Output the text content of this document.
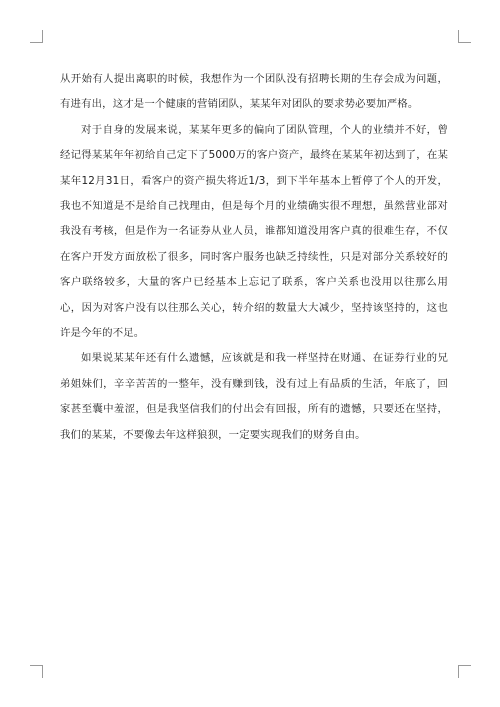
从开始有人提出离职的时候，我想作为一个团队没有招聘长期的生存会成为问题，有进有出，这才是一个健康的营销团队，某某年对团队的要求势必要加严格。

对于自身的发展来说，某某年更多的偏向了团队管理，个人的业绩并不好，曾经记得某某年年初给自己定下了5000万的客户资产，最终在某某年初达到了，在某某年12月31日，看客户的资产损失将近1/3，到下半年基本上暂停了个人的开发，我也不知道是不是给自己找理由，但是每个月的业绩确实很不理想，虽然营业部对我没有考核，但是作为一名证券从业人员，谁都知道没用客户真的很难生存，不仅在客户开发方面放松了很多，同时客户服务也缺乏持续性，只是对部分关系较好的客户联络较多，大量的客户已经基本上忘记了联系，客户关系也没用以往那么用心，因为对客户没有以往那么关心，转介绍的数量大大减少，坚持该坚持的，这也许是今年的不足。

如果说某某年还有什么遗憾，应该就是和我一样坚持在财通、在证券行业的兄弟姐妹们，辛辛苦苦的一整年，没有赚到钱，没有过上有品质的生活，年底了，回家甚至囊中羞涩，但是我坚信我们的付出会有回报，所有的遗憾，只要还在坚持，我们的某某，不要像去年这样狼狈，一定要实现我们的财务自由。
